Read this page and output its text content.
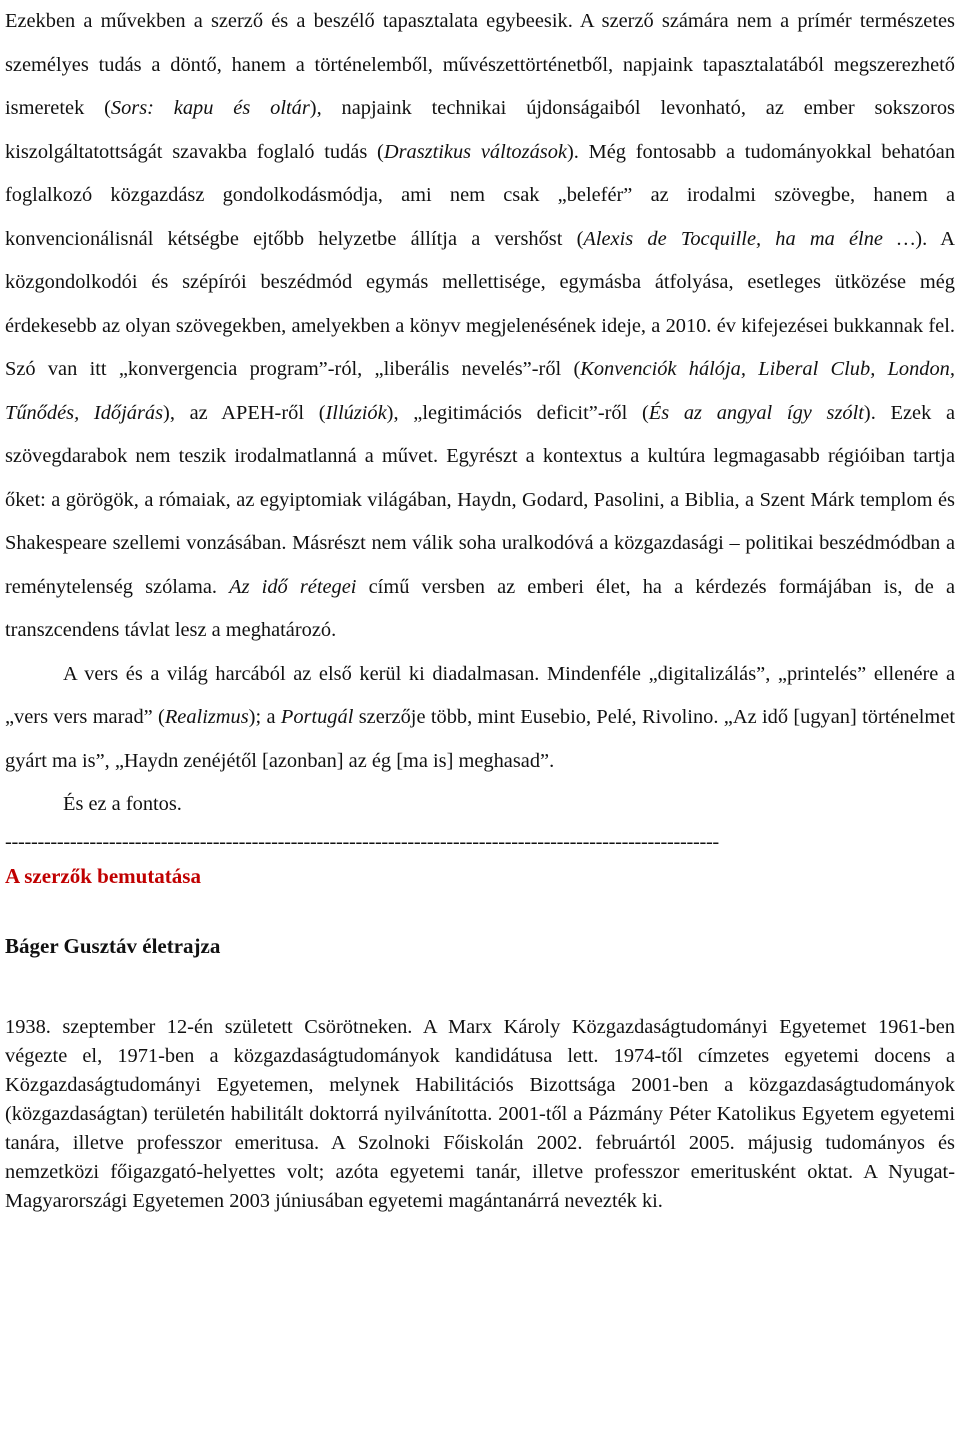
Ezekben a művekben a szerző és a beszélő tapasztalata egybeesik. A szerző számára nem a prímér természetes személyes tudás a döntő, hanem a történelemből, művészettörténetből, napjaink tapasztalatából megszerezhető ismeretek (Sors: kapu és oltár), napjaink technikai újdonságaiból levonható, az ember sokszoros kiszolgáltatottságát szavakba foglaló tudás (Drasztikus változások). Még fontosabb a tudományokkal behatóan foglalkozó közgazdász gondolkodásmódja, ami nem csak „belefér” az irodalmi szövegbe, hanem a konvencionálisnál kétségbe ejtőbb helyzetbe állítja a vershőst (Alexis de Tocquille, ha ma élne …). A közgondolkodói és szépírói beszédmód egymás mellettisége, egymásba átfolyása, esetleges ütközése még érdekesebb az olyan szövegekben, amelyekben a könyv megjelenésének ideje, a 2010. év kifejezései bukkannak fel. Szó van itt „konvergencia program”-ról, „liberális nevelés”-ről (Konvenciók hálója, Liberal Club, London, Tűnődés, Időjárás), az APEH-ről (Illúziók), „legitimációs deficit”-ről (És az angyal így szólt). Ezek a szövegdarabok nem teszik irodalmatlanná a művet. Egyrészt a kontextus a kultúra legmagasabb régióiban tartja őket: a görögök, a rómaiak, az egyiptomiak világában, Haydn, Godard, Pasolini, a Biblia, a Szent Márk templom és Shakespeare szellemi vonzásában. Másrészt nem válik soha uralkodóvá a közgazdasági – politikai beszédmódban a reménytelenség szólama. Az idő rétegei című versben az emberi élet, ha a kérdezés formájában is, de a transzcendens távlat lesz a meghatározó.

A vers és a világ harcából az első kerül ki diadalmasan. Mindenféle „digitalizálás”, „printelés” ellenére a „vers vers marad” (Realizmus); a Portugál szerzője több, mint Eusebio, Pelé, Rivolino. „Az idő [ugyan] történelmet gyárt ma is”, „Haydn zenéjétől [azonban] az ég [ma is] meghasad”.

És ez a fontos.

--------------------------------------------------------------------------------------------------------------
A szerzők bemutatása
Báger Gusztáv életrajza

1938. szeptember 12-én született Csörötneken. A Marx Károly Közgazdaságtudományi Egyetemet 1961-ben végezte el, 1971-ben a közgazdaságtudományok kandidátusa lett. 1974-től címzetes egyetemi docens a Közgazdaságtudományi Egyetemen, melynek Habilitációs Bizottsága 2001-ben a közgazdaságtudományok (közgazdaságtan) területén habilitált doktorrá nyilvánította. 2001-től a Pázmány Péter Katolikus Egyetem egyetemi tanára, illetve professzor emeritusa. A Szolnoki Főiskolán 2002. februártól 2005. májusig tudományos és nemzetközi főigazgató-helyettes volt; azóta egyetemi tanár, illetve professzor emeritusként oktat. A Nyugat-Magyarországi Egyetemen 2003 júniusában egyetemi magántanárrá nevezték ki.
